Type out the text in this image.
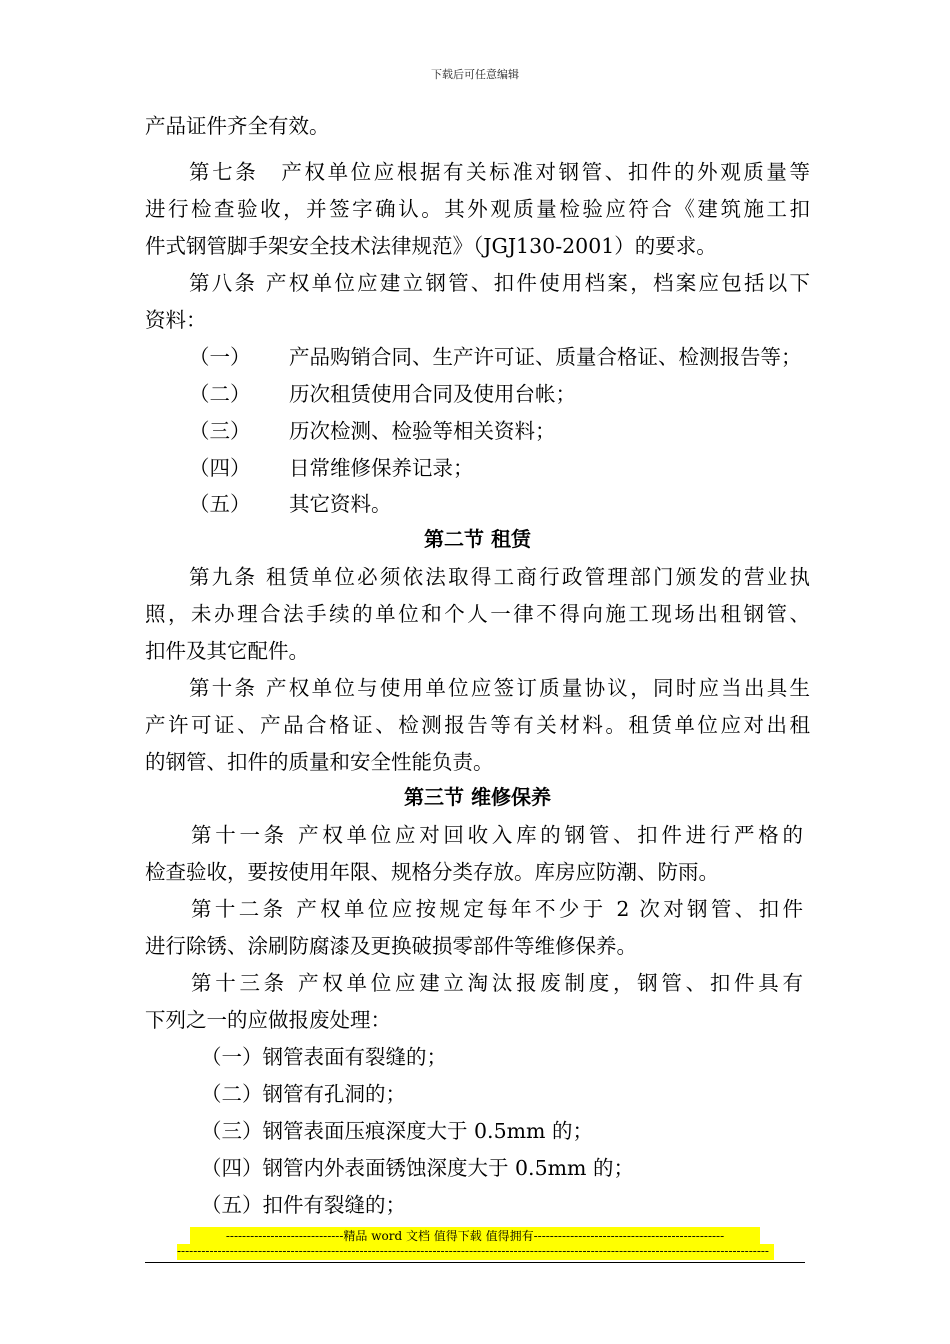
下载后可任意编辑
产品证件齐全有效。
第七条　产权单位应根据有关标准对钢管、扣件的外观质量等
进行检查验收，并签字确认。其外观质量检验应符合《建筑施工扣
件式钢管脚手架安全技术法律规范》（JGJ130-2001）的要求。
第八条 产权单位应建立钢管、扣件使用档案，档案应包括以下
资料：
（一） 产品购销合同、生产许可证、质量合格证、检测报告等；
（二） 历次租赁使用合同及使用台帐；
（三） 历次检测、检验等相关资料；
（四） 日常维修保养记录；
（五） 其它资料。
第二节 租赁
第九条 租赁单位必须依法取得工商行政管理部门颁发的营业执
照，未办理合法手续的单位和个人一律不得向施工现场出租钢管、
扣件及其它配件。
第十条 产权单位与使用单位应签订质量协议，同时应当出具生
产许可证、产品合格证、检测报告等有关材料。租赁单位应对出租
的钢管、扣件的质量和安全性能负责。
第三节 维修保养
第十一条 产权单位应对回收入库的钢管、扣件进行严格的
检查验收，要按使用年限、规格分类存放。库房应防潮、防雨。
第十二条 产权单位应按规定每年不少于 2 次对钢管、扣件
进行除锈、涂刷防腐漆及更换破损零部件等维修保养。
第十三条 产权单位应建立淘汰报废制度，钢管、扣件具有
下列之一的应做报废处理：
（一）钢管表面有裂缝的；
（二）钢管有孔洞的；
（三）钢管表面压痕深度大于 0.5mm 的；
（四）钢管内外表面锈蚀深度大于 0.5mm 的；
（五）扣件有裂缝的；
-----------------------------精品 word 文档 值得下载 值得拥有-----------------------------------------------
--------------------------------------------------------------------------------------------------------------------------------------------------
